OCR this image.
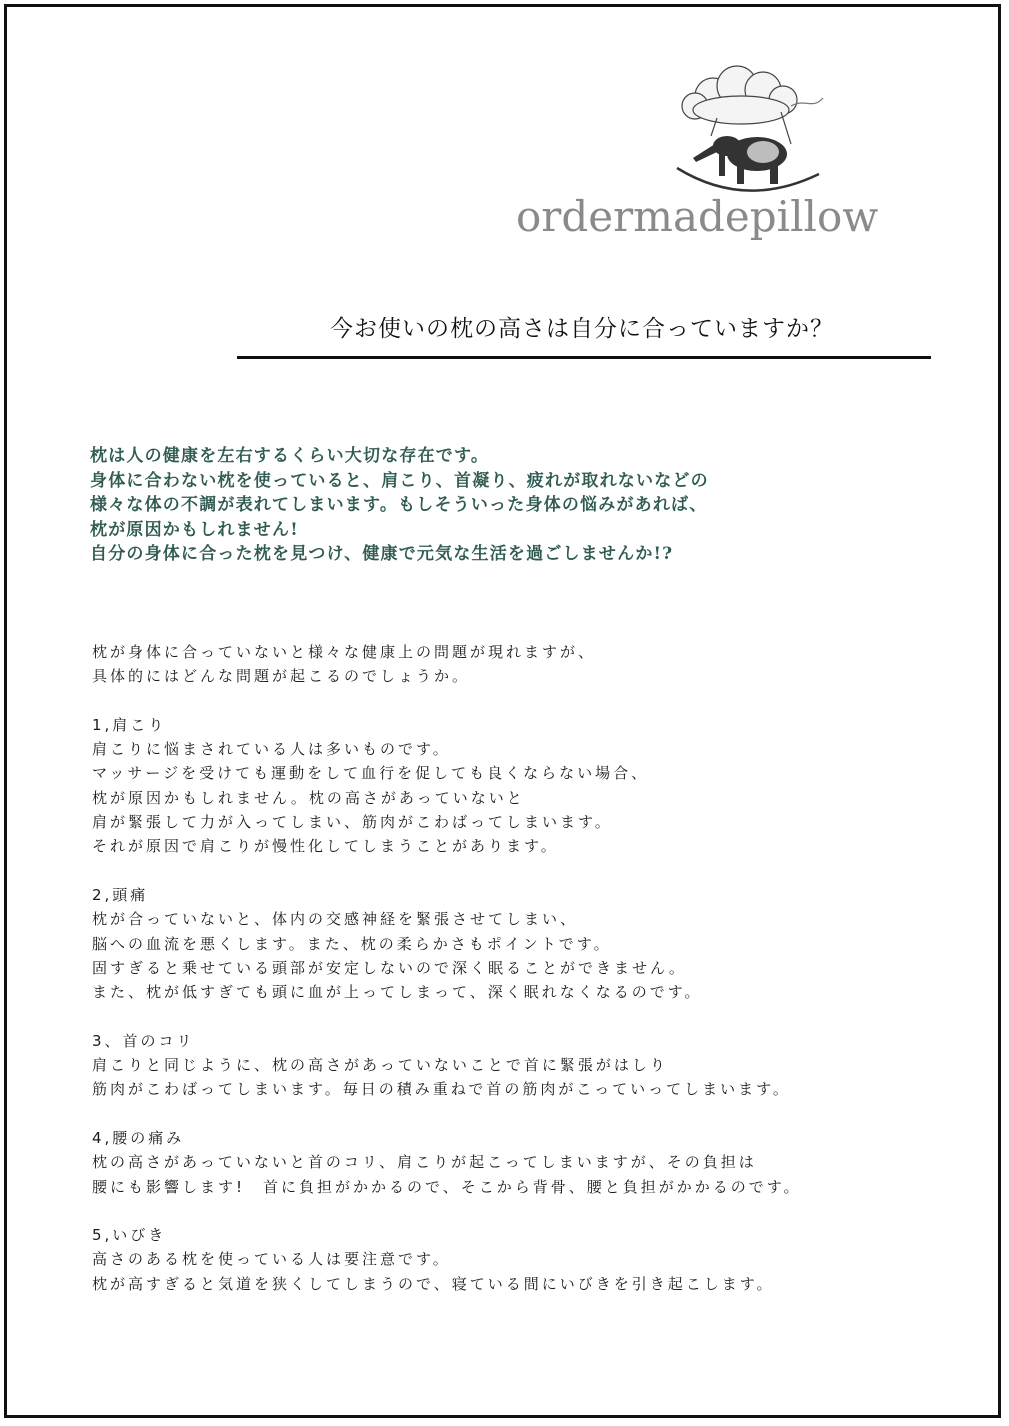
ordermadepillow
今お使いの枕の高さは自分に合っていますか？
枕は人の健康を左右するくらい大切な存在です。
身体に合わない枕を使っていると、肩こり、首凝り、疲れが取れないなどの
様々な体の不調が表れてしまいます。もしそういった身体の悩みがあれば、
枕が原因かもしれません!
自分の身体に合った枕を見つけ、健康で元気な生活を過ごしませんか!?
枕が身体に合っていないと様々な健康上の問題が現れますが、
具体的にはどんな問題が起こるのでしょうか。
1,肩こり
肩こりに悩まされている人は多いものです。
マッサージを受けても運動をして血行を促しても良くならない場合、
枕が原因かもしれません。枕の高さがあっていないと
肩が緊張して力が入ってしまい、筋肉がこわばってしまいます。
それが原因で肩こりが慢性化してしまうことがあります。
2,頭痛
枕が合っていないと、体内の交感神経を緊張させてしまい、
脳への血流を悪くします。また、枕の柔らかさもポイントです。
固すぎると乗せている頭部が安定しないので深く眠ることができません。
また、枕が低すぎても頭に血が上ってしまって、深く眠れなくなるのです。
3、首のコリ
肩こりと同じように、枕の高さがあっていないことで首に緊張がはしり
筋肉がこわばってしまいます。毎日の積み重ねで首の筋肉がこっていってしまいます。
4,腰の痛み
枕の高さがあっていないと首のコリ、肩こりが起こってしまいますが、その負担は
腰にも影響します!　首に負担がかかるので、そこから背骨、腰と負担がかかるのです。
5,いびき
高さのある枕を使っている人は要注意です。
枕が高すぎると気道を狭くしてしまうので、寝ている間にいびきを引き起こします。
